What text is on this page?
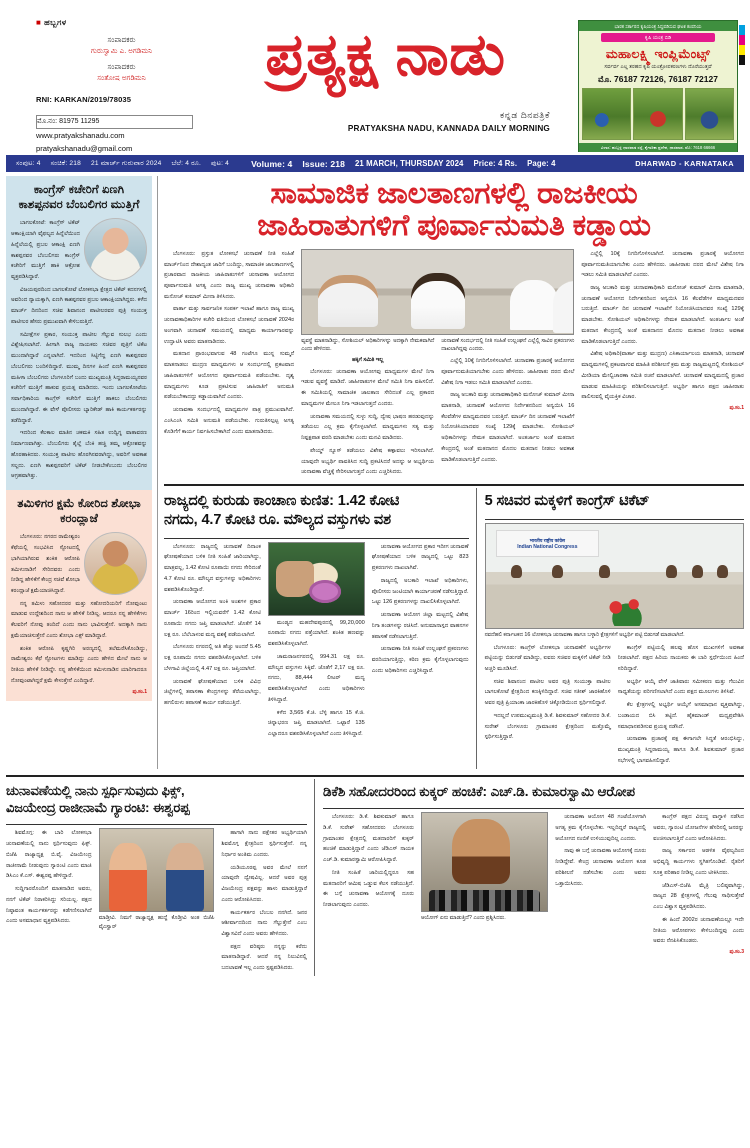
■ ಹಬ್ಬಗಳ
ಸಂಪಾದಕರು
ಗುರುಸ್ವಾಮಿ ಎ. ಅಗಡಿಮನಿ
ಸಂಪಾದಕರು
ಸಂತೋಷ ಅಗಡಿಮನಿ
RNI: KARKAN/2019/78035
ಮೊ.ನಂ: 81975 11295
www.pratyakshanadu.com
pratyakshanadu@gmail.com
ಪ್ರತ್ಯಕ್ಷ ನಾಡು
ಕನ್ನಡ ದಿನಪತ್ರಿಕೆ
PRATYAKSHA NADU, KANNADA DAILY MORNING
ಭಾರತ ಸರ್ಕಾರದ ಕೃಷಿಯಂತ್ರ ಸಿದ್ಧಪಡಿಸುವ ಘಟಕ ಕಂಪನಿಯ
ಕೃಷಿ ಯಂತ್ರ ಬಿಡಿ
ಮಹಾಲಕ್ಷ್ಮಿ ಇಂಪ್ಲಿಮೆಂಟ್ಸ್
ಸರ್ವರ್ವ ಎಲ್ಲ ತರಹದ ಕೃಷಿ ಯಂತ್ರೋಪಕರಣಗಳು ದೊರೆಯುತ್ತವೆ
ಮೊ. 76187 72126, 76187 72127
ವಿಳಾಸ: ಹುಬ್ಬಳ್ಳಿ ಧಾರವಾಡ ರಸ್ತೆ, ಕೈಗಾರಿಕಾ ಪ್ರದೇಶ, ಧಾರವಾಡ. ಮೊ: 7618 66666
ಸಂಪುಟ: 4 ಸಂಚಿಕೆ: 218 21 ಮಾರ್ಚ್ ಗುರುವಾರ 2024 ಬೆಲೆ: 4 ರೂ. ಪುಟ: 4	Volume: 4 Issue: 218 21 MARCH, THURSDAY 2024 Price: 4 Rs. Page: 4	DHARWAD - KARNATAKA
ಕಾಂಗ್ರೆಸ್ ಕಚೇರಿಗೆ ಏಣಗಿ ಕಾಶಪ್ಪನವರ ಬೆಂಬಲಿಗರ ಮುತ್ತಿಗೆ

ಬಾಗಲಕೋಟೆ: ಕಾಂಗ್ರೆಸ್ ಟಿಕೆಟ್ ಆಕಾಂಕ್ಷಿಯಾಗಿ ವೈಫಲ್ಯದ ಹಿನ್ನೆಲೆಯಿಂದ ಹಿನ್ನೆಲೆಯಲ್ಲಿ ಪ್ರಬಲ ಆಕಾಂಕ್ಷಿ ಏಣಗಿ ಕಾಶಪ್ಪನವರ ಬೆಂಬಲಿಗರು ಕಾಂಗ್ರೆಸ್ ಕಚೇರಿಗೆ ಮುತ್ತಿಗೆ ಹಾಕಿ ಆಕ್ರೋಶ ವ್ಯಕ್ತಪಡಿಸಿದ್ದಾರೆ.

ವಿಜಯಪುರದಿಂದ ಬಾಗಲಕೋಟೆ ಲೋಕಸಭಾ ಕ್ಷೇತ್ರದ ಟಿಕೆಟ್ ಕದನಗಳಲ್ಲಿ ಅವರಿಂದ ನ್ಯಾಯಕ್ಕಾಗಿ, ಏಣಗಿ ಕಾಶಪ್ಪನವರ ಪ್ರಬಲ ಆಕಾಂಕ್ಷಿಯಾಗಿದ್ದರು. ಕಳೆದ ಮಾರ್ಚ್ ದಿನದಿಂದ ಸಚಿವ ಶಿವಾನಂದ ಪಾಟೀಲರವರ ಪುತ್ರಿ ಸಂಯುಕ್ತ ಪಾಟೀಲರ ಹೆಸರು ಪ್ರಮುಖವಾಗಿ ಕೇಳಿಬರುತ್ತಿದೆ.

ಸಮೀಕ್ಷೆಗಳ ಪ್ರಕಾರ, ಸಂಯುಕ್ತ ಪಾಟೀಲ ಗೆಲ್ಲುವ ಸುಲಭ ಎಂದು ವಿಶ್ಲೇಷಿಸಲಾಗಿದೆ. ಹೀಗಾಗಿ ರಾಜ್ಯ ನಾಯಕರು ಸಚಿವರ ಪುತ್ರಿಗೆ ಟಿಕೆಟ ಮುಂದಾಗಿದ್ದಾರೆ ಎನ್ನಲಾಗಿದೆ. ಇದರಿಂದ ಸಿಟ್ಟಿಗೆದ್ದ ಏಣಗಿ ಕಾಶಪ್ಪನವರ ಬೆಂಬಲಿಗರು ಬಂದಿಳಿದಿದ್ದಾರೆ. ಮುಮ್ಮ ದಿನಗಳ ಹಿಂದೆ ಏಣಗಿ ಕಾಶಪ್ಪನವರ ಮಹಿಳಾ ಬೆಂಬಲಿಗರು ಬೆಂಗಳೂರಿಗೆ ಬಂದು ಮುಖ್ಯಮಂತ್ರಿ ಸಿದ್ದರಾಮಯ್ಯನವರ ಕಚೇರಿಗೆ ಮುತ್ತಿಗೆ ಹಾಕುವ ಪ್ರಯತ್ನ ಮಾಡಿದರು. ಇಂದು ಬಾಗಲಕೋಟೆಯ ಸರ್ವಾಧಿಕಾರಿಯ ಕಾಂಗ್ರೆಸ್ ಕಚೇರಿಗೆ ಮುತ್ತಿಗೆ ಹಾಕಲು ಬೆಂಬಲಿಗರು ಮುಂದಾಗಿದ್ದಾರೆ. ಈ ವೇಳೆ ಪೊಲೀಸರು ಬ್ಯಾರಿಕೇಡ್ ಹಾಕಿ ಕಾರ್ಯಕರ್ತರನ್ನು ತಡೆದಿದ್ದಾರೆ.

ಇದರಿಂದ ಕೆಲಕಾಲ ಮಾತಿನ ಚಕಮಕಿ ಸಹಿತ ಉದ್ವಿಗ್ನ ವಾತಾವರಣ ನಿರ್ಮಾಣವಾಗಿತ್ತು. ಬೆಂಬಲಿಗರು ತೈಲ್ಲೆ ಬೆಂಕಿ ಹಚ್ಚಿ ತಮ್ಮ ಆಕ್ರೋಶವನ್ನು ಹೊರಹಾಕಿದರು. ಸಂಯುಕ್ತ ಪಾಟೀಲ ಹೊರಗಿನವರಾಗಿದ್ದು, ಅವರಿಗೆ ಅವಕಾಶ ಸಲ್ಲದು. ಏಣಗಿ ಕಾಶಪ್ಪನವರಿಗೆ ಟಿಕೆಟ್ ನೀಡಬೇಕೆಂಬುದು ಬೆಂಬಲಿಗರ ಆಗ್ರಹವಾಗಿತ್ತು.

ತಮಿಳಿಗರ ಕ್ಷಮೆ ಕೋರಿದ ಶೋಭಾ ಕರಂದ್ಲಾಜೆ

ಬೆಂಗಳೂರು: ನಗರದ ರಾಮೇಶ್ವರಂ ಕೆಫೆಯಲ್ಲಿ ಸಂಭವಿಸಿದ ಸ್ಫೋಟದಲ್ಲಿ ಭಾಗಿಯಾಗಿರುವ ಶಂಕಿತ ಆರೋಪಿ ತಮಿಳುನಾಡಿಗೆ ಸೇರಿದವರು ಎಂದು ನೀಡಿದ್ದ ಹೇಳಿಕೆಗೆ ಕೇಂದ್ರ ಸಚಿವೆ ಶೋಭಾ ಕರಂದ್ಲಾಜೆ ಕ್ಷಮೆಯಾಚಿಸಿದ್ದಾರೆ.

ನನ್ನ ತಮಿಳು ಸಹೋದರರ ಮತ್ತು ಸಹೋದರಿಯರಿಗೆ ನೋವುಂಟು ಮಾಡುವ ಉದ್ದೇಶದಿಂದ ನಾನು ಆ ಹೇಳಿಕೆ ನೀಡಿಲ್ಲ. ಆದರೂ ನನ್ನ ಹೇಳಿಕೆಗಳು ಕೆಲವರಿಗೆ ನೋವು ತಂದಿದೆ ಎಂದು ನಾನು ಭಾವಿಸುತ್ತೇನೆ. ಅದಕ್ಕಾಗಿ ನಾನು ಕ್ಷಮೆಯಾಚಿಸುತ್ತೇನೆ ಎಂದು ಶೋಭಾ ಎಕ್ಸ್ ಮಾಡಿದ್ದಾರೆ.

ಶಂಕಿತ ಆರೋಪಿ ಕೃಷ್ಣಗಿರಿ ಅರಣ್ಯದಲ್ಲಿ ತಲೆಮರೆಸಿಕೊಂಡಿದ್ದು, ರಾಮೇಶ್ವರಂ ಕೆಫೆ ಸ್ಫೋಟಗಳು ಮಾಡಿದ್ದು ಎಂದು ಹೇಳಿದ ಮೇಲೆ ನಾನು ಆ ರೀತಿಯ ಹೇಳಿಕೆ ನೀಡಿದ್ದೇ. ನನ್ನ ಹೇಳಿಕೆಯಿಂದ ತಮಿಳುನಾಡಿನ ಯಾರಿಗಾದರೂ ನೋವುಂಟಾಗಿದ್ದರೆ ಕ್ಷಮೆ ಕೇಳುತ್ತೇನೆ ಎಂದಿದ್ದಾರೆ.

ಪು.ಸಂ.1
ಸಾಮಾಜಿಕ ಜಾಲತಾಣಗಳಲ್ಲಿ ರಾಜಕೀಯ
ಜಾಹಿರಾತುಗಳಿಗೆ ಪೂರ್ವಾನುಮತಿ ಕಡ್ಡಾಯ

ಬೆಂಗಳೂರು: ಪ್ರಸ್ತುತ ಲೋಕಸಭೆ ಚುನಾವಣೆ ನೀತಿ ಸಂಹಿತೆ ಮಾರ್ಚ್‌ನಿಂದ ದೇಶಾದ್ಯಂತ ಜಾರಿಗೆ ಬಂದಿದ್ದು, ಸಾಮಾಜಿಕ ಜಾಲತಾಣಗಳಲ್ಲಿ ಪ್ರಚಾರವಾದ ರಾಜಕೀಯ ಜಾಹಿರಾತುಗಳಿಗೆ ಚುನಾವಣಾ ಆಯೋಗದ ಪೂರ್ವಾನುಮತಿ ಅಗತ್ಯ ಎಂದು ರಾಜ್ಯ ಮುಖ್ಯ ಚುನಾವಣಾ ಅಧಿಕಾರಿ ಮನೋಜ್ ಕುಮಾರ್ ಮೀನಾ ತಿಳಿಸಿದರು.

ವಾರ್ತಾ ಮತ್ತು ಸಾರ್ವಜನಿಕ ಸಂಪರ್ಕ ಇಲಾಖೆ ಹಾಗೂ ರಾಜ್ಯ ಮುಖ್ಯ ಚುನಾವಣಾಧಿಕಾರಿಗಳ ಕಚೇರಿ ವತಿಯಿಂದ ಲೋಕಸಭೆ ಚುನಾವಣೆ 2024ರ ಅಂಗವಾಗಿ ಚುನಾವಣೆ ಸಮಯದಲ್ಲಿ ಮಾಧ್ಯಮ ಕಾರ್ಯಾಗಾರವನ್ನು ಉದ್ಘಾಟಿಸಿ ಅವರು ಮಾತನಾಡಿದರು.

ಮತದಾನ ಪ್ರಾರಂಭವಾಗುವ 48 ಗಂಟೆಗೂ ಮುನ್ನ ಸುಮ್ಮನೆ ಮಾತನಾಡಲು ಮುದ್ರಣ ಮಾಧ್ಯಮಗಳು ಆ ಸಂದರ್ಭದಲ್ಲಿ ಪ್ರಕಟವಾದ ಜಾಹಿರಾತುಗಳಿಗೆ ಆಯೋಗದ ಪೂರ್ವಾನುಮತಿ ಪಡೆಯಬೇಕು. ದೃಶ್ಯ ಮಾಧ್ಯಮಗಳು ಕೂಡ ಪ್ರಕಟಿಸುವ ಜಾಹಿರಾತಿಗೆ ಅನುಮತಿ ಪಡೆಯಬೇಕಾದದ್ದು ಕಡ್ಡಾಯವಾಗಿದೆ ಎಂದರು.

ಚುನಾವಣಾ ಸಂದರ್ಭದಲ್ಲಿ ಮಾಧ್ಯಮಗಳ ಪಾತ್ರ ಪ್ರಮುಖವಾಗಿದೆ. ಎಂಸಿಎಂಸಿ ಸಮಿತಿ ಅನುಮತಿ ಪಡೆಯಬೇಕು. ಗುರುತಿಸಲ್ಪಟ್ಟ ಅಗತ್ಯ ಕೊಡಿಗೆಗೆ ಕಾರ್ಯ ನಿರ್ವಹಿಸಬೇಕಾಗಿದೆ ಎಂದು ಮಾತನಾಡಿದರು.

ವ್ಯವಸ್ಥೆ ಮಾತನಾಡಿದ್ದು, ಸೋಶಿಯಲ್ ಅಧಿಕಾರಿಗಳನ್ನು ಅದಕ್ಕಾಗಿ ನೇಮಕವಾಗಿದೆ ಎಂದು ಹೇಳಿದರು.
ಹಕ್ಕಿಗೆ ಸಮಿತಿ ಇಲ್ಲ

ಬೆಂಗಳೂರು: ಚುನಾವಣಾ ಆಯೋಗವು ಮಾಧ್ಯಮಗಳ ಮೇಲೆ ನಿಗಾ ಇಡುವ ವ್ಯವಸ್ಥೆ ಮಾಡಿದೆ. ಜಾಹೀರಾತುಗಳ ಮೇಲೆ ಸಮಿತಿ ನಿಗಾ ವಹಿಸಲಿದೆ. ಈ ಸಮಿತಿಯಲ್ಲಿ ಸಾಮಾಜಿಕ ಜಾಲತಾಣ ಸೇರಿದಂತೆ ಎಲ್ಲ ಪ್ರಕಾರದ ಮಾಧ್ಯಮಗಳ ಮೇಲೂ ನಿಗಾ ಇಡಲಾಗುತ್ತದೆ ಎಂದರು.

ಚುನಾವಣಾ ಸಮಯದಲ್ಲಿ ಸುಳ್ಳು ಸುದ್ದಿ, ದ್ವೇಷ ಭಾಷಣ ಹರಡುವುದನ್ನು ತಡೆಯಲು ಎಲ್ಲ ಕ್ರಮ ಕೈಗೊಳ್ಳಲಾಗಿದೆ. ಮಾಧ್ಯಮಗಳು ಸತ್ಯ ಮತ್ತು ನಿಷ್ಪಕ್ಷಪಾತ ವರದಿ ಮಾಡಬೇಕು ಎಂದು ಮನವಿ ಮಾಡಿದರು.

ಪೇಯ್ಡ್ ನ್ಯೂಸ್ ತಡೆಯಲು ವಿಶೇಷ ಕಣ್ಗಾವಲು ಇರಿಸಲಾಗಿದೆ. ಯಾವುದೇ ಅಭ್ಯರ್ಥಿ ಪಾವತಿಸಿದ ಸುದ್ದಿ ಪ್ರಕಟಿಸಿದರೆ ಅದನ್ನು ಆ ಅಭ್ಯರ್ಥಿಯ ಚುನಾವಣಾ ವೆಚ್ಚಕ್ಕೆ ಸೇರಿಸಲಾಗುತ್ತದೆ ಎಂದು ಎಚ್ಚರಿಸಿದರು.

ಚುನಾವಣೆ ಸಂದರ್ಭದಲ್ಲಿ ನೀತಿ ಸಂಹಿತೆ ಉಲ್ಲಂಘನೆ ಎಲ್ಲೆಲ್ಲಿ ಸಾವಿರ ಪ್ರಕರಣಗಳು ದಾಖಲಾಗಿದ್ದವು ಎಂದರು.

ಎಲ್ಲೆಲ್ಲಿ 10ಕ್ಕೆ ನಿಗದಿಗೊಳಿಸಲಾಗಿದೆ. ಚುನಾವಣಾ ಪ್ರಚಾರಕ್ಕೆ ಆಯೋಗದ ಪೂರ್ವಾನುಮತಿಯಾಗಬೇಕು ಎಂದು ಹೇಳಿದರು. ಜಾಹೀರಾತು ದರದ ಮೇಲೆ ವಿಶೇಷ ನಿಗಾ ಇಡಲು ಸಮಿತಿ ಮಾಡಲಾಗಿದೆ ಎಂದರು.

ರಾಜ್ಯ ಅಬಕಾರಿ ಮತ್ತು ಚುನಾವಣಾಧಿಕಾರಿ ಮನೋಜ್ ಕುಮಾರ್ ಮೀನಾ ಮಾತನಾಡಿ, ಚುನಾವಣೆ ಆಯೋಗದ ನಿರ್ದೇಶನದಿಂದ ಅನ್ವಯಿಸಿ 16 ಕೆಲವೆಡೆಗಳ ಮಾಧ್ಯಮದವರ ಬರುತ್ತಿದೆ. ಮಾರ್ಚ್ ದಿನ ಚುನಾವಣೆ ಇಲಾಖೆಗೆ ನಿಯೋಜಿಸಿಯಾದವರ ಸಂಖ್ಯೆ 129ಕ್ಕೆ ಮಾಡಬೇಕು. ಸೋಶಿಯಲ್ ಅಧಿಕಾರಿಗಳನ್ನು ನೇಮಕ ಮಾಡಲಾಗಿದೆ. ಅಂತರ್ಜಾಲ ಅಂತೆ ಮತದಾನ ಕೇಂದ್ರದಲ್ಲಿ ಅಂತೆ ಮತದಾನದ ಮೊದಲ ಮತದಾನ ನೀಡಲು ಅವಕಾಶ ಮಾಡಿಕೊಡಲಾಗುತ್ತಿದೆ ಎಂದರು.

ಎಲ್ಲೆಲ್ಲಿ 10ಕ್ಕೆ ನಿಗದಿಗೊಳಿಸಲಾಗಿದೆ. ಚುನಾವಣಾ ಪ್ರಚಾರಕ್ಕೆ ಆಯೋಗದ ಪೂರ್ವಾನುಮತಿಯಾಗಬೇಕು ಎಂದು ಹೇಳಿದರು. ಜಾಹೀರಾತು ದರದ ಮೇಲೆ ವಿಶೇಷ ನಿಗಾ ಇಡಲು ಸಮಿತಿ ಮಾಡಲಾಗಿದೆ ಎಂದರು.

ರಾಜ್ಯ ಅಬಕಾರಿ ಮತ್ತು ಚುನಾವಣಾಧಿಕಾರಿ ಮನೋಜ್ ಕುಮಾರ್ ಮೀನಾ ಮಾತನಾಡಿ, ಚುನಾವಣೆ ಆಯೋಗದ ನಿರ್ದೇಶನದಿಂದ ಅನ್ವಯಿಸಿ 16 ಕೆಲವೆಡೆಗಳ ಮಾಧ್ಯಮದವರ ಬರುತ್ತಿದೆ. ಮಾರ್ಚ್ ದಿನ ಚುನಾವಣೆ ಇಲಾಖೆಗೆ ನಿಯೋಜಿಸಿಯಾದವರ ಸಂಖ್ಯೆ 129ಕ್ಕೆ ಮಾಡಬೇಕು. ಸೋಶಿಯಲ್ ಅಧಿಕಾರಿಗಳನ್ನು ನೇಮಕ ಮಾಡಲಾಗಿದೆ. ಅಂತರ್ಜಾಲ ಅಂತೆ ಮತದಾನ ಕೇಂದ್ರದಲ್ಲಿ ಅಂತೆ ಮತದಾನದ ಮೊದಲ ಮತದಾನ ನೀಡಲು ಅವಕಾಶ ಮಾಡಿಕೊಡಲಾಗುತ್ತಿದೆ ಎಂದರು.

ವಿಶೇಷ ಅಧಿಕಾರಿ(ವಾರ್ತಾ ಮತ್ತು ಮುದ್ರಣ) ಎಸಿಕಾರ್ಯಾಲಯ ಮಾತನಾಡಿ, ಚುನಾವಣೆ ಮಾಧ್ಯಮಗಳಲ್ಲಿ ಪ್ರಕಟವಾಗುವ ಮಾಹಿತಿ ಪರಿಶೀಲನೆ ಕ್ರಮ ಮತ್ತು ರಾಜ್ಯಮಟ್ಟದಲ್ಲಿ ಸೋಶಿಯಲ್ ಮೀಡಿಯಾ ಮೇಲ್ವಿಚಾರಣಾ ಸಮಿತಿ ರಚನೆ ಮಾಡಲಾಗಿದೆ. ಚುನಾವಣೆ ಮಾಧ್ಯಮದಲ್ಲಿ ಪ್ರಚಾರ ಮಾಡುವ ಮಾಹಿತಿಯನ್ನು ಪರಿಶೀಲಿಸಲಾಗುತ್ತಿದೆ. ಅಭ್ಯರ್ಥಿ ಹಾಗೂ ಪಕ್ಷದ ಜಾಹೀರಾತು ಪಾಲಿಸುವಲ್ಲಿ ವೈಯಕ್ತಿಕ ವಿಚಾರ.

ಪು.ಸಂ.1
ರಾಜ್ಯದಲ್ಲಿ ಕುರುಡು ಕಾಂಚಾಣ ಕುಣಿತ: 1.42 ಕೋಟಿ
ನಗದು, 4.7 ಕೋಟಿ ರೂ. ಮೌಲ್ಯದ ವಸ್ತುಗಳು ವಶ

ಬೆಂಗಳೂರು: ರಾಜ್ಯದಲ್ಲಿ ಚುನಾವಣೆ ದಿನಾಂಕ ಘೋಷಣೆಯಾದ ಬಳಿಕ ನೀತಿ ಸಂಹಿತೆ ಜಾರಿಯಾಗಿದ್ದು, ಮಾತ್ರವಲ್ಲ, 1.42 ಕೋಟಿ ರೂಪಾಯಿ ನಗದು ಸೇರಿದಂತೆ 4.7 ಕೋಟಿ ರೂ. ಮೌಲ್ಯದ ವಸ್ತುಗಳನ್ನು ಅಧಿಕಾರಿಗಳು ವಶಪಡಿಸಿಕೊಂಡಿದ್ದಾರೆ.

ಚುನಾವಣಾ ಆಯೋಗದ ಅಂಕಿ ಅಂಶಗಳ ಪ್ರಕಾರ ಮಾರ್ಚ್ 16ರಿಂದ ಇಲ್ಲಿಯವರೆಗೆ 1.42 ಕೋಟಿ ರೂಪಾಯಿ ನಗದು ಜಪ್ತಿ ಮಾಡಲಾಗಿದೆ. ಜೊತೆಗೆ 14 ಲಕ್ಷ ರೂ. ಬೆಲೆಬಾಳುವ ಮದ್ಯ ವಶಕ್ಕೆ ಪಡೆಯಲಾಗಿದೆ.

ಬೆಂಗಳೂರು ನಗರದಲ್ಲಿ ಅತಿ ಹೆಚ್ಚು ಅಂದರೆ 5.45 ಲಕ್ಷ ರೂಪಾಯಿ ನಗದು ವಶಪಡಿಸಿಕೊಳ್ಳಲಾಗಿದೆ. ಬಳಿಕ ಬೆಳಗಾವಿ ಜಿಲ್ಲೆಯಲ್ಲಿ 4.47 ಲಕ್ಷ ರೂ. ಜಪ್ತಿಯಾಗಿದೆ.

ಚುನಾವಣೆ ಘೋಷಣೆಯಾದ ಬಳಿಕ ವಿವಿಧ ಜಿಲ್ಲೆಗಳಲ್ಲಿ ತಪಾಸಣಾ ಕೇಂದ್ರಗಳನ್ನು ತೆರೆಯಲಾಗಿದ್ದು, ಹಗಲಿರುಳು ತಪಾಸಣೆ ಕಾರ್ಯ ನಡೆಯುತ್ತಿದೆ.

ಮಂಡ್ಯದ ಮಹದೇವಪುರದಲ್ಲಿ 99,20,000 ರೂಪಾಯಿ ನಗದು ಪತ್ತೆಯಾಗಿದೆ. ಶಂಕಿತ ಹಣವನ್ನು ವಶಪಡಿಸಿಕೊಳ್ಳಲಾಗಿದೆ.

ಚಾಮರಾಜನಗರದಲ್ಲಿ 994.31 ಲಕ್ಷ ರೂ. ಮೌಲ್ಯದ ವಸ್ತುಗಳು ಸಿಕ್ಕಿವೆ. ಜೊತೆಗೆ 2,17 ಲಕ್ಷ ರೂ. ನಗದು, 88,444 ಲೀಟರ್ ಮದ್ಯ ವಶಪಡಿಸಿಕೊಳ್ಳಲಾಗಿದೆ ಎಂದು ಅಧಿಕಾರಿಗಳು ತಿಳಿಸಿದ್ದಾರೆ.

ಕಳೆದ 3,565 ಕೆ.ಜಿ. ಬೆಳ್ಳಿ ಹಾಗೂ 15 ಕೆ.ಜಿ. ಚಿನ್ನಾಭರಣ ಜಪ್ತಿ ಮಾಡಲಾಗಿದೆ. ಒಟ್ಟಾರೆ 135 ಎಲ್ಲಾದರೂ ವಶಪಡಿಸಿಕೊಳ್ಳಲಾಗಿದೆ ಎಂದು ತಿಳಿಸಿದ್ದಾರೆ.

ಚುನಾವಣಾ ಆಯೋಗದ ಪ್ರಕಾರ ಇದೀಗ ಚುನಾವಣೆ ಘೋಷಣೆಯಾದ ಬಳಿಕ ರಾಜ್ಯದಲ್ಲಿ ಒಟ್ಟು 823 ಪ್ರಕರಣಗಳು ದಾಖಲಾಗಿವೆ.

ರಾಜ್ಯದಲ್ಲಿ ಅಬಕಾರಿ ಇಲಾಖೆ ಅಧಿಕಾರಿಗಳು, ಪೊಲೀಸರು ಜಂಟಿಯಾಗಿ ಕಾರ್ಯಾಚರಣೆ ನಡೆಸುತ್ತಿದ್ದಾರೆ. ಒಟ್ಟು 126 ಪ್ರಕರಣಗಳನ್ನು ದಾಖಲಿಸಿಕೊಳ್ಳಲಾಗಿದೆ.

ಚುನಾವಣಾ ಆಯೋಗ ಜಿಲ್ಲಾ ಮಟ್ಟದಲ್ಲಿ ವಿಶೇಷ ನಿಗಾ ತಂಡಗಳನ್ನು ರಚಿಸಿದೆ. ಅನುಮಾನಾಸ್ಪದ ವಾಹನಗಳ ತಪಾಸಣೆ ನಡೆಸಲಾಗುತ್ತಿದೆ.

ಚುನಾವಣಾ ನೀತಿ ಸಂಹಿತೆ ಉಲ್ಲಂಘನೆ ಪ್ರಕರಣಗಳು ವರದಿಯಾಗುತ್ತಿದ್ದು, ಕಠಿಣ ಕ್ರಮ ಕೈಗೊಳ್ಳಲಾಗುವುದು ಎಂದು ಅಧಿಕಾರಿಗಳು ಎಚ್ಚರಿಸಿದ್ದಾರೆ.

5 ಸಚಿವರ ಮಕ್ಕಳಿಗೆ ಕಾಂಗ್ರೆಸ್ ಟಿಕೆಟ್
भारतीय राष्ट्रीय कांग्रेस
Indian National Congress
ನವದೆಹಲಿ ಕರ್ನಾಟಕದ 16 ಲೋಕಸಭಾ ಚುನಾವಣಾ ಹಾಗೂ ಬಳ್ಳಾರಿ ಕ್ಷೇತ್ರಗಳಿಗೆ ಅಭ್ಯರ್ಥಿ ಪಟ್ಟಿ ಬಿಡುಗಡೆ ಮಾಡಲಾಗಿದೆ.

ಬೆಂಗಳೂರು: ಕಾಂಗ್ರೆಸ್ ಲೋಕಸಭಾ ಚುನಾವಣೆಗೆ ಅಭ್ಯರ್ಥಿಗಳ ಪಟ್ಟಿಯನ್ನು ಬಿಡುಗಡೆ ಮಾಡಿದ್ದು, ಐವರು ಸಚಿವರ ಮಕ್ಕಳಿಗೆ ಟಿಕೆಟ್ ನೀಡಿ ಅಚ್ಚರಿ ಮೂಡಿಸಿದೆ.

ಸಚಿವ ಶಿವಾನಂದ ಪಾಟೀಲ ಅವರ ಪುತ್ರಿ ಸಂಯುಕ್ತಾ ಪಾಟೀಲ ಬಾಗಲಕೋಟೆ ಕ್ಷೇತ್ರದಿಂದ ಕಣಕ್ಕಿಳಿದಿದ್ದಾರೆ. ಸಚಿವ ಸತೀಶ್ ಜಾರಕಿಹೊಳಿ ಅವರ ಪುತ್ರಿ ಪ್ರಿಯಾಂಕಾ ಜಾರಕಿಹೊಳಿ ಚಿಕ್ಕೋಡಿಯಿಂದ ಸ್ಪರ್ಧಿಸಲಿದ್ದಾರೆ.

ಇದಲ್ಲದೆ ಉಪಮುಖ್ಯಮಂತ್ರಿ ಡಿ.ಕೆ. ಶಿವಕುಮಾರ್ ಸಹೋದರ ಡಿ.ಕೆ. ಸುರೇಶ್ ಬೆಂಗಳೂರು ಗ್ರಾಮಾಂತರ ಕ್ಷೇತ್ರದಿಂದ ಮತ್ತೊಮ್ಮೆ ಸ್ಪರ್ಧಿಸುತ್ತಿದ್ದಾರೆ.

ಕಾಂಗ್ರೆಸ್ ಪಟ್ಟಿಯಲ್ಲಿ ಹಲವು ಹೊಸ ಮುಖಗಳಿಗೆ ಅವಕಾಶ ನೀಡಲಾಗಿದೆ. ಪಕ್ಷದ ಹಿರಿಯ ನಾಯಕರು ಈ ಬಾರಿ ಸ್ಪರ್ಧೆಯಿಂದ ಹಿಂದೆ ಸರಿದಿದ್ದಾರೆ.

ಅಭ್ಯರ್ಥಿ ಆಯ್ಕೆ ವೇಳೆ ಜಾತಿವಾರು ಸಮೀಕರಣ ಮತ್ತು ಗೆಲುವಿನ ಸಾಧ್ಯತೆಯನ್ನು ಪರಿಗಣಿಸಲಾಗಿದೆ ಎಂದು ಪಕ್ಷದ ಮೂಲಗಳು ತಿಳಿಸಿವೆ.

ಕೆಲ ಕ್ಷೇತ್ರಗಳಲ್ಲಿ ಅಭ್ಯರ್ಥಿ ಆಯ್ಕೆಗೆ ಅಸಮಾಧಾನ ವ್ಯಕ್ತವಾಗಿದ್ದು, ಬಂಡಾಯದ ಬಿಸಿ ತಟ್ಟಿದೆ. ಹೈಕಮಾಂಡ್ ಮಧ್ಯಪ್ರವೇಶಿಸಿ ಸಮಾಧಾನಪಡಿಸುವ ಪ್ರಯತ್ನ ನಡೆಸಿದೆ.

ಚುನಾವಣಾ ಪ್ರಚಾರಕ್ಕೆ ಪಕ್ಷ ಈಗಾಗಲೇ ಸಿದ್ಧತೆ ಆರಂಭಿಸಿದ್ದು, ಮುಖ್ಯಮಂತ್ರಿ ಸಿದ್ದರಾಮಯ್ಯ ಹಾಗೂ ಡಿ.ಕೆ. ಶಿವಕುಮಾರ್ ಪ್ರಚಾರ ಸಭೆಗಳಲ್ಲಿ ಭಾಗವಹಿಸಲಿದ್ದಾರೆ.

ಚುನಾವಣೆಯಲ್ಲಿ ನಾನು ಸ್ಪರ್ಧಿಸುವುದು ಫಿಕ್ಸ್,
ವಿಜಯೇಂದ್ರ ರಾಜೀನಾಮೆ ಗ್ಯಾರಂಟಿ: ಈಶ್ವರಪ್ಪ

ಶಿವಮೊಗ್ಗ: ಈ ಬಾರಿ ಲೋಕಸಭಾ ಚುನಾವಣೆಯಲ್ಲಿ ನಾನು ಸ್ಪರ್ಧಿಸುವುದು ಫಿಕ್ಸ್. ಬಿಜೆಪಿ ರಾಜ್ಯಾಧ್ಯಕ್ಷ ಬಿ.ವೈ. ವಿಜಯೇಂದ್ರ ರಾಜೀನಾಮೆ ನೀಡುವುದು ಗ್ಯಾರಂಟಿ ಎಂದು ಮಾಜಿ ಡಿಸಿಎಂ ಕೆ.ಎಸ್. ಈಶ್ವರಪ್ಪ ಹೇಳಿದ್ದಾರೆ.

ಸುದ್ದಿಗಾರರೊಂದಿಗೆ ಮಾತನಾಡಿದ ಅವರು, ನನಗೆ ಟಿಕೆಟ್ ನಿರಾಕರಿಸಿದ್ದು ಸರಿಯಲ್ಲ. ಪಕ್ಷದ ನಿಷ್ಠಾವಂತ ಕಾರ್ಯಕರ್ತರನ್ನು ಕಡೆಗಣಿಸಲಾಗಿದೆ ಎಂದು ಅಸಮಾಧಾನ ವ್ಯಕ್ತಪಡಿಸಿದರು.	ಮಾಡ್ತೀವಿ. ನಿಮಗೆ ರಾಜ್ಯಾಧ್ಯಕ್ಷ ಹುದ್ದೆ ಕೊಡ್ತೀವಿ ಅಂತ ಬಿಜೆಪಿ ವೈಎಸ್ವಾರ್

ಹಾಗಾಗಿ ನಾನು ಪಕ್ಷೇತರ ಅಭ್ಯರ್ಥಿಯಾಗಿ ಶಿವಮೊಗ್ಗ ಕ್ಷೇತ್ರದಿಂದ ಸ್ಪರ್ಧಿಸುತ್ತೇನೆ. ನನ್ನ ನಿರ್ಧಾರ ಅಂತಿಮ ಎಂದರು.

ಯಡಿಯೂರಪ್ಪ ಅವರ ಮೇಲೆ ನನಗೆ ಯಾವುದೇ ದ್ವೇಷವಿಲ್ಲ. ಆದರೆ ಅವರ ಪುತ್ರ ವಿಜಯೇಂದ್ರ ಪಕ್ಷವನ್ನು ಹಾಳು ಮಾಡುತ್ತಿದ್ದಾರೆ ಎಂದು ಆರೋಪಿಸಿದರು.

ಕಾರ್ಯಕರ್ತರ ಬೆಂಬಲ ನನಗಿದೆ. ಜನರ ಆಶೀರ್ವಾದದಿಂದ ನಾನು ಗೆಲ್ಲುತ್ತೇನೆ ಎಂಬ ವಿಶ್ವಾಸವಿದೆ ಎಂದು ಅವರು ಹೇಳಿದರು.

ಪಕ್ಷದ ವರಿಷ್ಠರು ನನ್ನನ್ನು ಕರೆದು ಮಾತನಾಡಿದ್ದಾರೆ. ಆದರೆ ನನ್ನ ನಿಲುವಿನಲ್ಲಿ ಬದಲಾವಣೆ ಇಲ್ಲ ಎಂದು ಸ್ಪಷ್ಟಪಡಿಸಿದರು.

ಡಿಕೆಶಿ ಸಹೋದರರಿಂದ ಕುಕ್ಕರ್ ಹಂಚಿಕೆ: ಎಚ್.ಡಿ. ಕುಮಾರಸ್ವಾಮಿ ಆರೋಪ

ಬೆಂಗಳೂರು: ಡಿ.ಕೆ. ಶಿವಕುಮಾರ್ ಹಾಗೂ ಡಿ.ಕೆ. ಸುರೇಶ್ ಸಹೋದರರು ಬೆಂಗಳೂರು ಗ್ರಾಮಾಂತರ ಕ್ಷೇತ್ರದಲ್ಲಿ ಮತದಾರರಿಗೆ ಕುಕ್ಕರ್ ಹಂಚಿಕೆ ಮಾಡುತ್ತಿದ್ದಾರೆ ಎಂದು ಜೆಡಿಎಸ್ ನಾಯಕ ಎಚ್.ಡಿ. ಕುಮಾರಸ್ವಾಮಿ ಆರೋಪಿಸಿದ್ದಾರೆ.

ನೀತಿ ಸಂಹಿತೆ ಜಾರಿಯಲ್ಲಿದ್ದರೂ ಸಹ ಮತದಾರರಿಗೆ ಆಮಿಷ ಒಡ್ಡುವ ಕೆಲಸ ನಡೆಯುತ್ತಿದೆ. ಈ ಬಗ್ಗೆ ಚುನಾವಣಾ ಆಯೋಗಕ್ಕೆ ದೂರು ನೀಡಲಾಗುವುದು ಎಂದರು.

ಆಯೋಗ್ ಏನು ಮಾಡುತ್ತಿದೆ? ಎಂದು ಪ್ರಶ್ನಿಸಿದರು.

ಚುನಾವಣಾ ಆಯೋಗ 48 ಗಂಟೆಯೊಳಗಾಗಿ ಅಗತ್ಯ ಕ್ರಮ ಕೈಗೊಳ್ಳಬೇಕು. ಇಲ್ಲದಿದ್ದರೆ ರಾಜ್ಯದಲ್ಲಿ ಆಯೋಗದ ನಂಬಿಕೆ ಉಳಿಯುವುದಿಲ್ಲ ಎಂದರು.

ನಾವು ಈ ಬಗ್ಗೆ ಚುನಾವಣಾ ಆಯೋಗಕ್ಕೆ ದೂರು ನೀಡಿದ್ದೇವೆ. ಕೇಂದ್ರ ಚುನಾವಣಾ ಆಯೋಗ ಕೂಡ ಪರಿಶೀಲನೆ ನಡೆಸಬೇಕು ಎಂದು ಅವರು ಒತ್ತಾಯಿಸಿದರು.

ಕಾಂಗ್ರೆಸ್ ಪಕ್ಷದ ವಿರುದ್ಧ ವಾಗ್ದಾಳಿ ನಡೆಸಿದ ಅವರು, ಗ್ಯಾರಂಟಿ ಯೋಜನೆಗಳ ಹೆಸರಿನಲ್ಲಿ ಜನರನ್ನು ವಂಚಿಸಲಾಗುತ್ತಿದೆ ಎಂದು ಆರೋಪಿಸಿದರು.

ರಾಜ್ಯ ಸರ್ಕಾರದ ಆಡಳಿತ ವೈಫಲ್ಯದಿಂದ ಅಭಿವೃದ್ಧಿ ಕಾರ್ಯಗಳು ಸ್ಥಗಿತಗೊಂಡಿವೆ. ರೈತರಿಗೆ ಸೂಕ್ತ ಪರಿಹಾರ ನೀಡಿಲ್ಲ ಎಂದು ಟೀಕಿಸಿದರು.

ಜೆಡಿಎಸ್-ಬಿಜೆಪಿ ಮೈತ್ರಿ ಬಲಿಷ್ಠವಾಗಿದ್ದು, ರಾಜ್ಯದ 28 ಕ್ಷೇತ್ರಗಳಲ್ಲಿ ಗೆಲುವು ಸಾಧಿಸುತ್ತೇವೆ ಎಂಬ ವಿಶ್ವಾಸ ವ್ಯಕ್ತಪಡಿಸಿದರು.

ಈ ಹಿಂದೆ 2002ರ ಚುನಾವಣೆಯಲ್ಲೂ ಇದೇ ರೀತಿಯ ಆರೋಪಗಳು ಕೇಳಿಬಂದಿದ್ದವು ಎಂದು ಅವರು ನೆನಪಿಸಿಕೊಂಡರು.

ಪು.ಸಂ.3
